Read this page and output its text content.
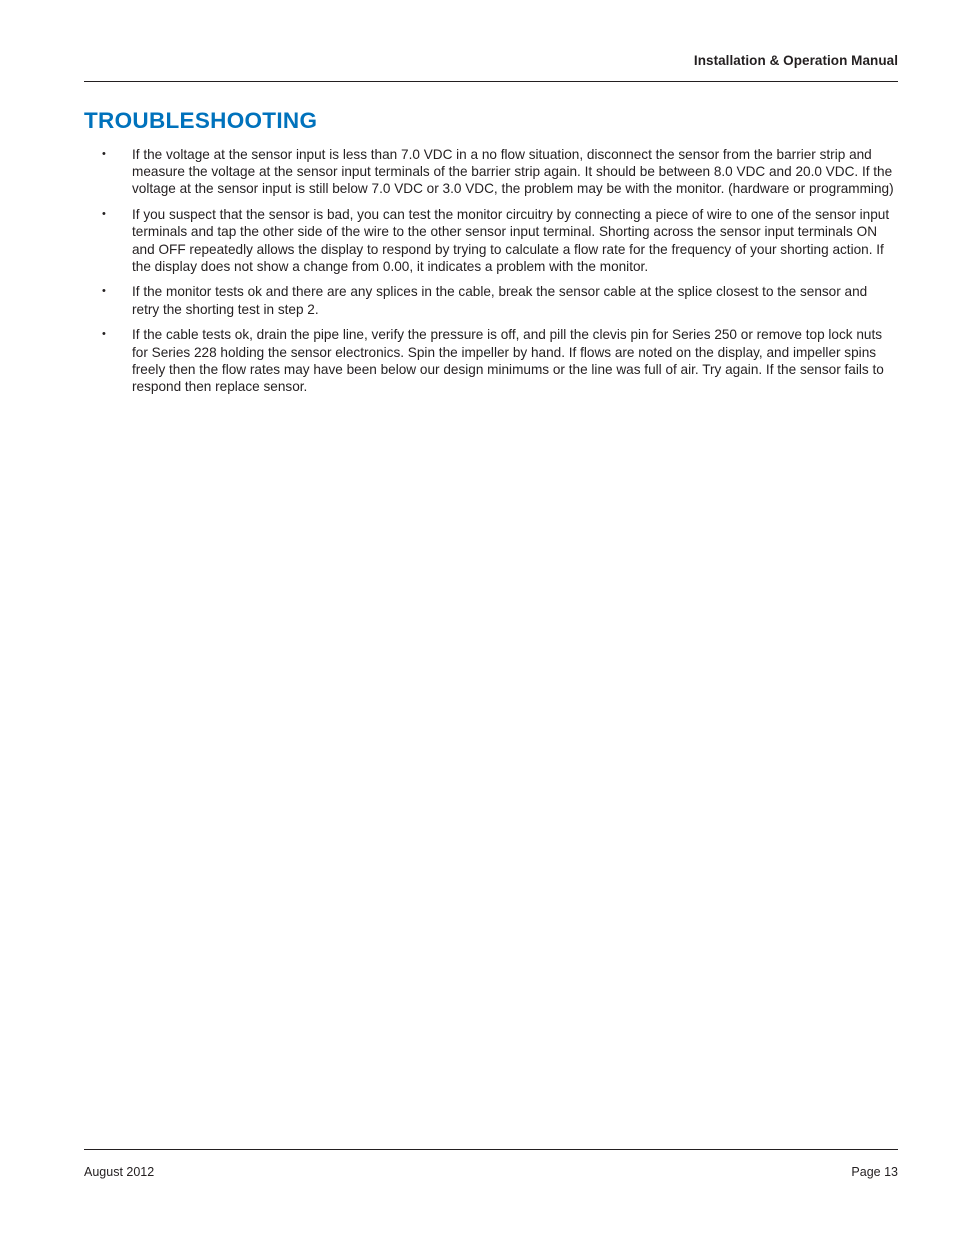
Installation & Operation Manual
TROUBLESHOOTING
• If the voltage at the sensor input is less than 7.0 VDC in a no flow situation, disconnect the sensor from the barrier strip and measure the voltage at the sensor input terminals of the barrier strip again. It should be between 8.0 VDC and 20.0 VDC. If the voltage at the sensor input is still below 7.0 VDC or 3.0 VDC, the problem may be with the monitor. (hardware or programming)
• If you suspect that the sensor is bad, you can test the monitor circuitry by connecting a piece of wire to one of the sensor input terminals and tap the other side of the wire to the other sensor input terminal. Shorting across the sensor input terminals ON and OFF repeatedly allows the display to respond by trying to calculate a flow rate for the frequency of your shorting action. If the display does not show a change from 0.00, it indicates a problem with the monitor.
• If the monitor tests ok and there are any splices in the cable, break the sensor cable at the splice closest to the sensor and retry the shorting test in step 2.
• If the cable tests ok, drain the pipe line, verify the pressure is off, and pill the clevis pin for Series 250 or remove top lock nuts for Series 228 holding the sensor electronics. Spin the impeller by hand. If flows are noted on the display, and impeller spins freely then the flow rates may have been below our design minimums or the line was full of air. Try again. If the sensor fails to respond then replace sensor.
August 2012	Page 13
